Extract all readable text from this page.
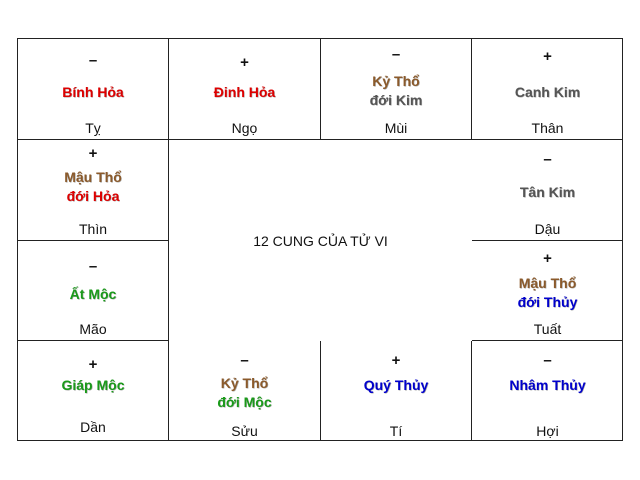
–
Bính Hỏa
Tỵ
+
Đinh Hỏa
Ngọ
–
Kỷ Thổ
đới Kim
Mùi
+
Canh Kim
Thân
+
Mậu Thổ
đới Hỏa
Thìn
–
Tân Kim
Dậu
–
Ất Mộc
Mão
+
Mậu Thổ
đới Thủy
Tuất
+
Giáp Mộc
Dần
–
Kỷ Thổ
đới Mộc
Sửu
+
Quý Thủy
Tí
–
Nhâm Thủy
Hợi
12 CUNG CỦA TỬ VI
